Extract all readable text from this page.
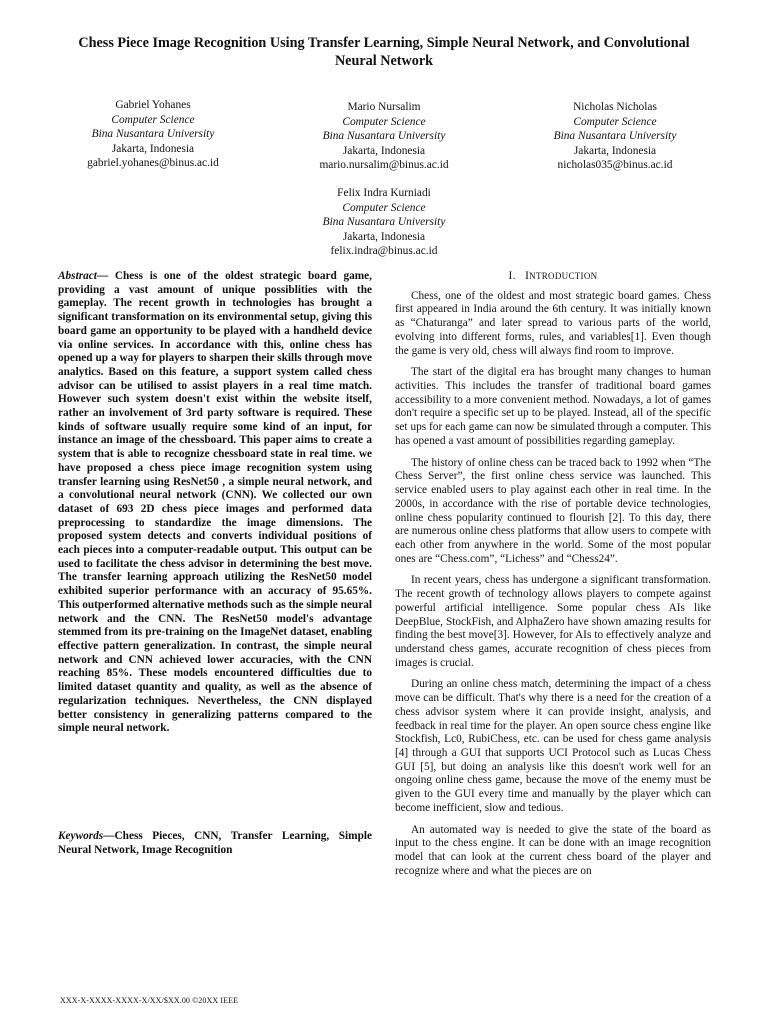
Chess Piece Image Recognition Using Transfer Learning, Simple Neural Network, and Convolutional Neural Network
Gabriel Yohanes
Computer Science
Bina Nusantara University
Jakarta, Indonesia
gabriel.yohanes@binus.ac.id
Mario Nursalim
Computer Science
Bina Nusantara University
Jakarta, Indonesia
mario.nursalim@binus.ac.id
Nicholas Nicholas
Computer Science
Bina Nusantara University
Jakarta, Indonesia
nicholas035@binus.ac.id
Felix Indra Kurniadi
Computer Science
Bina Nusantara University
Jakarta, Indonesia
felix.indra@binus.ac.id
Abstract— Chess is one of the oldest strategic board game, providing a vast amount of unique possiblities with the gameplay. The recent growth in technologies has brought a significant transformation on its environmental setup, giving this board game an opportunity to be played with a handheld device via online services. In accordance with this, online chess has opened up a way for players to sharpen their skills through move analytics. Based on this feature, a support system called chess advisor can be utilised to assist players in a real time match. However such system doesn't exist within the website itself, rather an involvement of 3rd party software is required. These kinds of software usually require some kind of an input, for instance an image of the chessboard. This paper aims to create a system that is able to recognize chessboard state in real time. we have proposed a chess piece image recognition system using transfer learning using ResNet50 , a simple neural network, and a convolutional neural network (CNN). We collected our own dataset of 693 2D chess piece images and performed data preprocessing to standardize the image dimensions. The proposed system detects and converts individual positions of each pieces into a computer-readable output. This output can be used to facilitate the chess advisor in determining the best move. The transfer learning approach utilizing the ResNet50 model exhibited superior performance with an accuracy of 95.65%. This outperformed alternative methods such as the simple neural network and the CNN. The ResNet50 model's advantage stemmed from its pre-training on the ImageNet dataset, enabling effective pattern generalization. In contrast, the simple neural network and CNN achieved lower accuracies, with the CNN reaching 85%. These models encountered difficulties due to limited dataset quantity and quality, as well as the absence of regularization techniques. Nevertheless, the CNN displayed better consistency in generalizing patterns compared to the simple neural network.
Keywords—Chess Pieces, CNN, Transfer Learning, Simple Neural Network, Image Recognition
I. INTRODUCTION

Chess, one of the oldest and most strategic board games. Chess first appeared in India around the 6th century. It was initially known as “Chaturanga” and later spread to various parts of the world, evolving into different forms, rules, and variables[1]. Even though the game is very old, chess will always find room to improve.

The start of the digital era has brought many changes to human activities. This includes the transfer of traditional board games accessibility to a more convenient method. Nowadays, a lot of games don't require a specific set up to be played. Instead, all of the specific set ups for each game can now be simulated through a computer. This has opened a vast amount of possibilities regarding gameplay.

The history of online chess can be traced back to 1992 when “The Chess Server”, the first online chess service was launched. This service enabled users to play against each other in real time. In the 2000s, in accordance with the rise of portable device technologies, online chess popularity continued to flourish [2]. To this day, there are numerous online chess platforms that allow users to compete with each other from anywhere in the world. Some of the most popular ones are “Chess.com”, “Lichess” and “Chess24”.

In recent years, chess has undergone a significant transformation. The recent growth of technology allows players to compete against powerful artificial intelligence. Some popular chess AIs like DeepBlue, StockFish, and AlphaZero have shown amazing results for finding the best move[3]. However, for AIs to effectively analyze and understand chess games, accurate recognition of chess pieces from images is crucial.

During an online chess match, determining the impact of a chess move can be difficult. That's why there is a need for the creation of a chess advisor system where it can provide insight, analysis, and feedback in real time for the player. An open source chess engine like Stockfish, Lc0, RubiChess, etc. can be used for chess game analysis [4] through a GUI that supports UCI Protocol such as Lucas Chess GUI [5], but doing an analysis like this doesn't work well for an ongoing online chess game, because the move of the enemy must be given to the GUI every time and manually by the player which can become inefficient, slow and tedious.

An automated way is needed to give the state of the board as input to the chess engine. It can be done with an image recognition model that can look at the current chess board of the player and recognize where and what the pieces are on

XXX-X-XXXX-XXXX-X/XX/$XX.00 ©20XX IEEE
